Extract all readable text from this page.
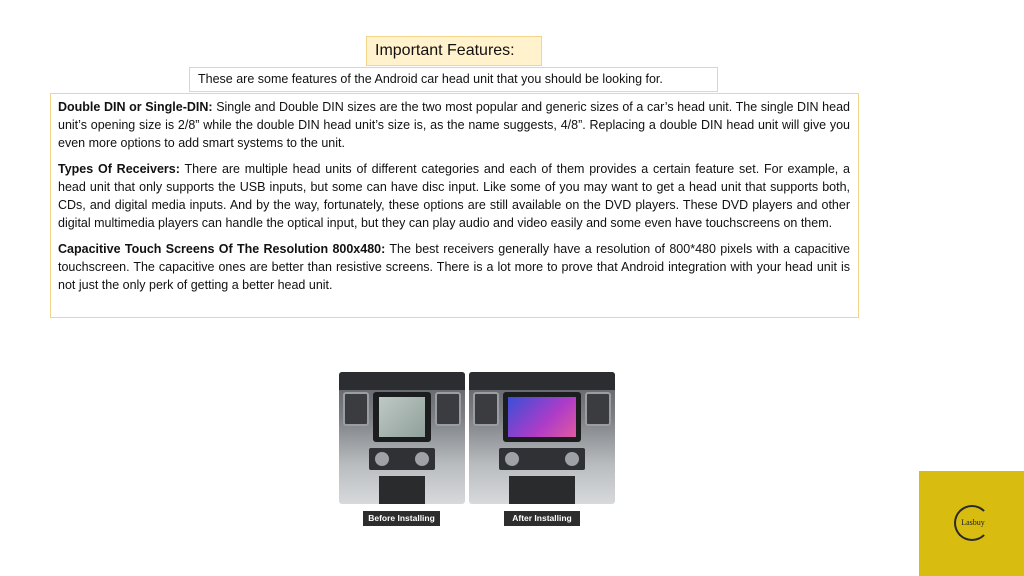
Important Features:
These are some features of the Android car head unit that you should be looking for.

Double DIN or Single-DIN: Single and Double DIN sizes are the two most popular and generic sizes of a car’s head unit. The single DIN head unit’s opening size is 2/8” while the double DIN head unit’s size is, as the name suggests, 4/8”. Replacing a double DIN head unit will give you even more options to add smart systems to the unit.

Types Of Receivers: There are multiple head units of different categories and each of them provides a certain feature set. For example, a head unit that only supports the USB inputs, but some can have disc input. Like some of you may want to get a head unit that supports both, CDs, and digital media inputs. And by the way, fortunately, these options are still available on the DVD players. These DVD players and other digital multimedia players can handle the optical input, but they can play audio and video easily and some even have touchscreens on them.

Capacitive Touch Screens Of The Resolution 800x480: The best receivers generally have a resolution of 800*480 pixels with a capacitive touchscreen. The capacitive ones are better than resistive screens. There is a lot more to prove that Android integration with your head unit is not just the only perk of getting a better head unit.

Before Installing	After Installing	Lasbuy
